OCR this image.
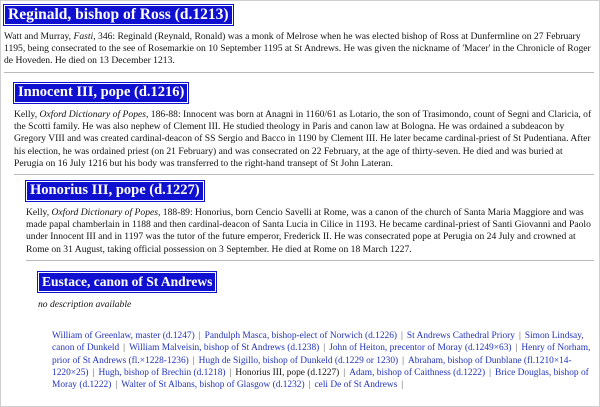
Reginald, bishop of Ross (d.1213)
Watt and Murray, Fasti, 346: Reginald (Reynald, Ronald) was a monk of Melrose when he was elected bishop of Ross at Dunfermline on 27 February 1195, being consecrated to the see of Rosemarkie on 10 September 1195 at St Andrews. He was given the nickname of 'Macer' in the Chronicle of Roger de Hoveden. He died on 13 December 1213.
Innocent III, pope (d.1216)
Kelly, Oxford Dictionary of Popes, 186-88: Innocent was born at Anagni in 1160/61 as Lotario, the son of Trasimondo, count of Segni and Claricia, of the Scotti family. He was also nephew of Clement III. He studied theology in Paris and canon law at Bologna. He was ordained a subdeacon by Gregory VIII and was created cardinal-deacon of SS Sergio and Bacco in 1190 by Clement III. He later became cardinal-priest of St Pudentiana. After his election, he was ordained priest (on 21 February) and was consecrated on 22 February, at the age of thirty-seven. He died and was buried at Perugia on 16 July 1216 but his body was transferred to the right-hand transept of St John Lateran.
Honorius III, pope (d.1227)
Kelly, Oxford Dictionary of Popes, 188-89: Honorius, born Cencio Savelli at Rome, was a canon of the church of Santa Maria Maggiore and was made papal chamberlain in 1188 and then cardinal-deacon of Santa Lucia in Cilice in 1193. He became cardinal-priest of Santi Giovanni and Paolo under Innocent III and in 1197 was the tutor of the future emperor, Frederick II. He was consecrated pope at Perugia on 24 July and crowned at Rome on 31 August, taking official possession on 3 September. He died at Rome on 18 March 1227.
Eustace, canon of St Andrews
no description available
William of Greenlaw, master (d.1247) | Pandulph Masca, bishop-elect of Norwich (d.1226) | St Andrews Cathedral Priory | Simon Lindsay, canon of Dunkeld | William Malveisin, bishop of St Andrews (d.1238) | John of Heiton, precentor of Moray (d.1249×63) | Henry of Norham, prior of St Andrews (fl.×1228-1236) | Hugh de Sigillo, bishop of Dunkeld (d.1229 or 1230) | Abraham, bishop of Dunblane (fl.1210×14-1220×25) | Hugh, bishop of Brechin (d.1218) | Honorius III, pope (d.1227) | Adam, bishop of Caithness (d.1222) | Brice Douglas, bishop of Moray (d.1222) | Walter of St Albans, bishop of Glasgow (d.1232) | celi De of St Andrews |
